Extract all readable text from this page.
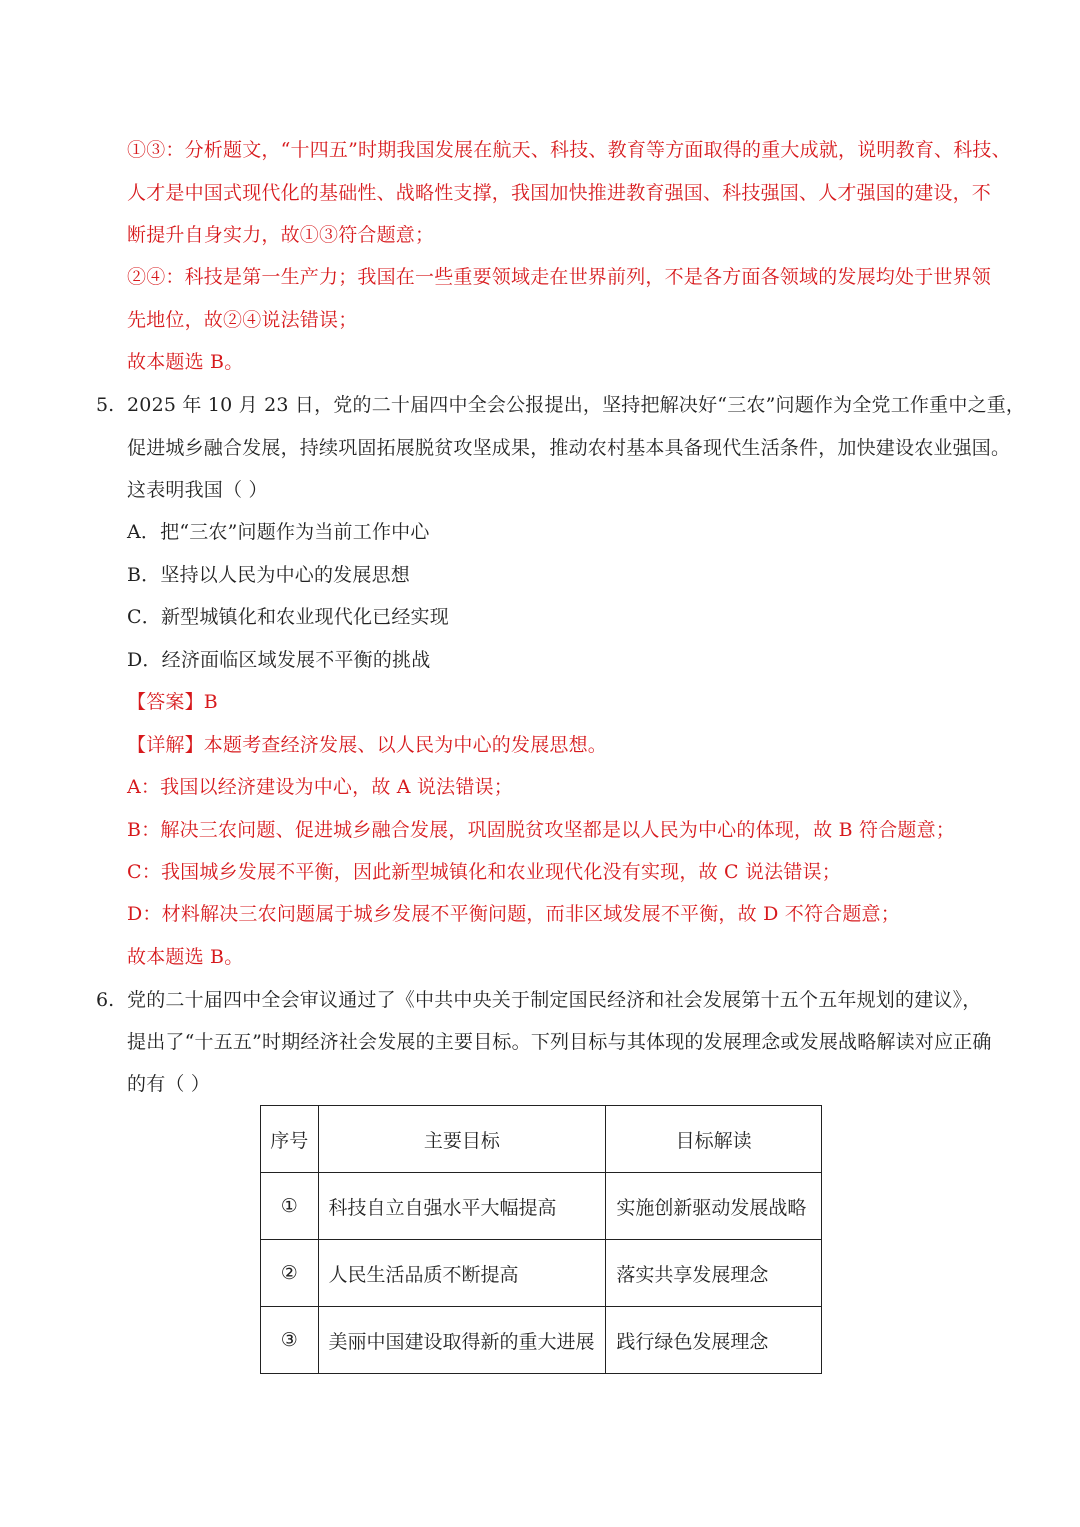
①③：分析题文，“十四五”时期我国发展在航天、科技、教育等方面取得的重大成就，说明教育、科技、
人才是中国式现代化的基础性、战略性支撑，我国加快推进教育强国、科技强国、人才强国的建设，不
断提升自身实力，故①③符合题意；
②④：科技是第一生产力；我国在一些重要领域走在世界前列，不是各方面各领域的发展均处于世界领
先地位，故②④说法错误；
故本题选 B。
5. 2025 年 10 月 23 日，党的二十届四中全会公报提出，坚持把解决好“三农”问题作为全党工作重中之重，
促进城乡融合发展，持续巩固拓展脱贫攻坚成果，推动农村基本具备现代生活条件，加快建设农业强国。
这表明我国（ ）
A．把“三农”问题作为当前工作中心
B．坚持以人民为中心的发展思想
C．新型城镇化和农业现代化已经实现
D．经济面临区域发展不平衡的挑战
【答案】B
【详解】本题考查经济发展、以人民为中心的发展思想。
A：我国以经济建设为中心，故 A 说法错误；
B：解决三农问题、促进城乡融合发展，巩固脱贫攻坚都是以人民为中心的体现，故 B 符合题意；
C：我国城乡发展不平衡，因此新型城镇化和农业现代化没有实现，故 C 说法错误；
D：材料解决三农问题属于城乡发展不平衡问题，而非区域发展不平衡，故 D 不符合题意；
故本题选 B。
6. 党的二十届四中全会审议通过了《中共中央关于制定国民经济和社会发展第十五个五年规划的建议》，
提出了“十五五”时期经济社会发展的主要目标。下列目标与其体现的发展理念或发展战略解读对应正确
的有（ ）
序号	主要目标	目标解读
①	科技自立自强水平大幅提高	实施创新驱动发展战略
②	人民生活品质不断提高	落实共享发展理念
③	美丽中国建设取得新的重大进展	践行绿色发展理念
